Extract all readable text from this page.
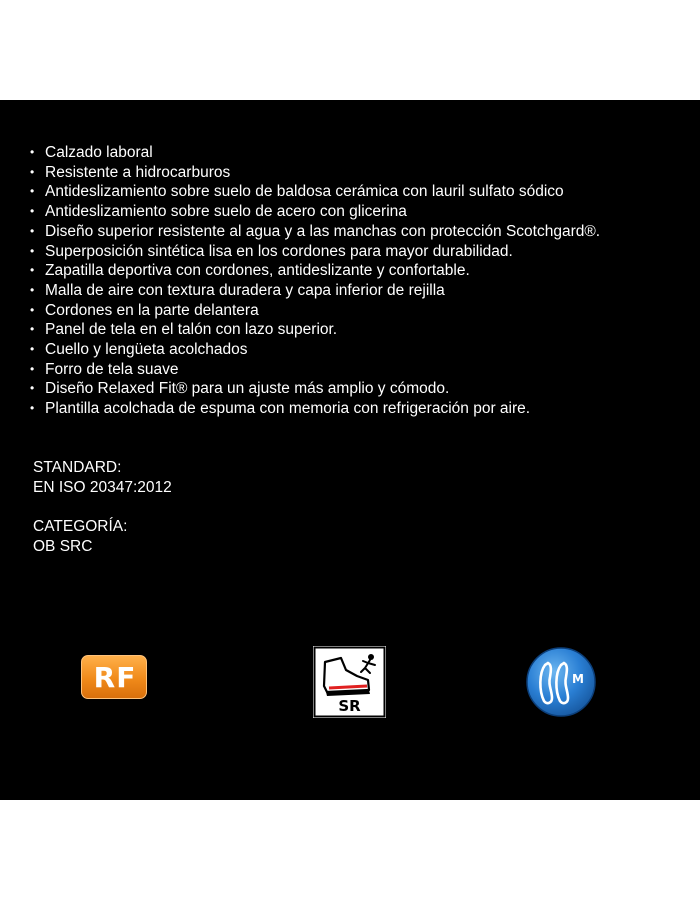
• Calzado laboral
• Resistente a hidrocarburos
• Antideslizamiento sobre suelo de baldosa cerámica con lauril sulfato sódico
• Antideslizamiento sobre suelo de acero con glicerina
• Diseño superior resistente al agua y a las manchas con protección Scotchgard®.
• Superposición sintética lisa en los cordones para mayor durabilidad.
• Zapatilla deportiva con cordones, antideslizante y confortable.
• Malla de aire con textura duradera y capa inferior de rejilla
• Cordones en la parte delantera
• Panel de tela en el talón con lazo superior.
• Cuello y lengüeta acolchados
• Forro de tela suave
• Diseño Relaxed Fit® para un ajuste más amplio y cómodo.
• Plantilla acolchada de espuma con memoria con refrigeración por aire.
STANDARD:
EN ISO 20347:2012
CATEGORÍA:
OB SRC
RF
SR
M
